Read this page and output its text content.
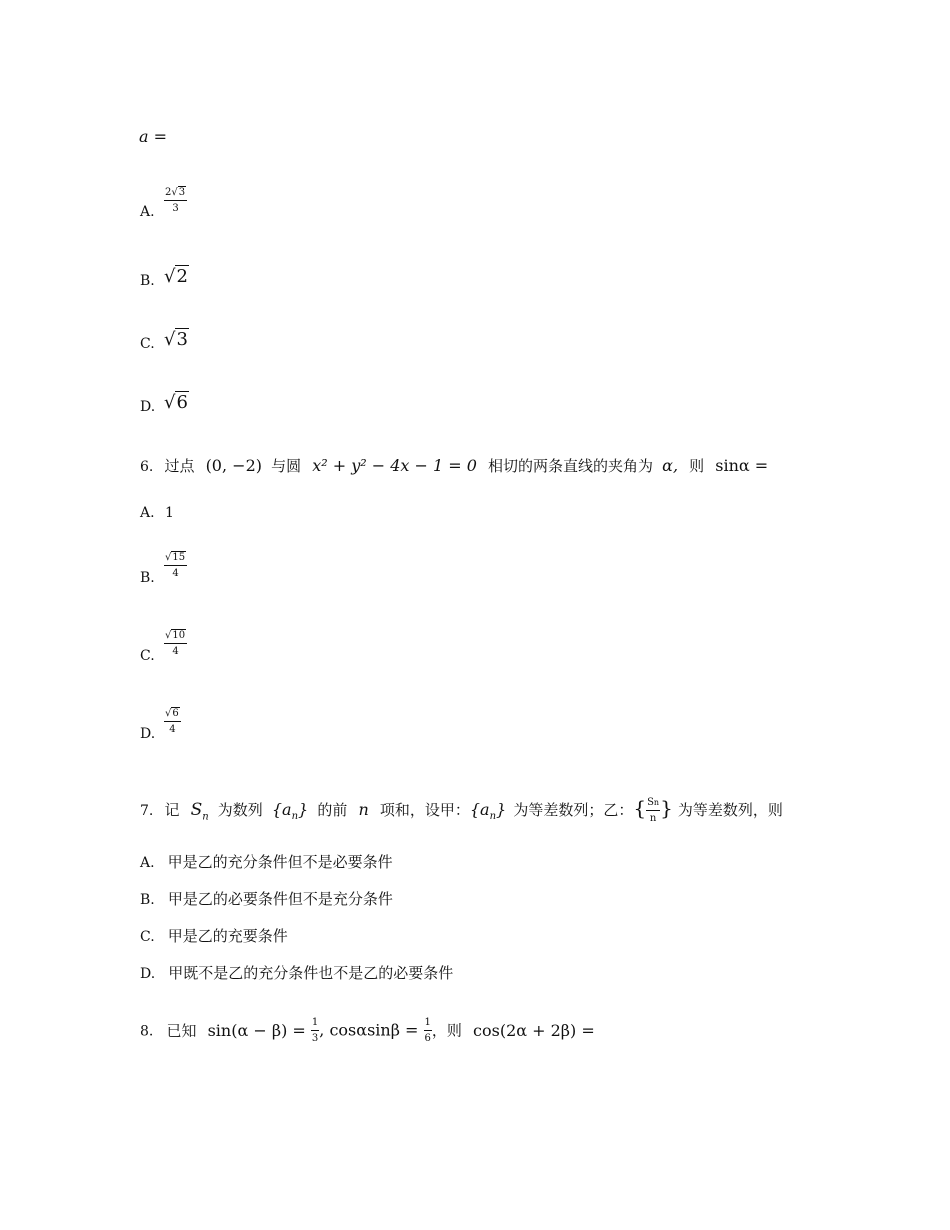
a =
A. $\frac{2√3}{3}$
B. √2
C. √3
D. √6
6. 过点 (0, −2) 与圆 x² + y² − 4x − 1 = 0 相切的两条直线的夹角为 α, 则 sinα =
A. 1
B. $\frac{√15}{4}$
C. $\frac{√10}{4}$
D. $\frac{√6}{4}$
7. 记 $S_n$ 为数列 $\{a_n\}$ 的前 n 项和，设甲：$\{a_n\}$ 为等差数列；乙：{ $\frac{Sn}{n}$ } 为等差数列，则
A. 甲是乙的充分条件但不是必要条件
B. 甲是乙的必要条件但不是充分条件
C. 甲是乙的充要条件
D. 甲既不是乙的充分条件也不是乙的必要条件
8. 已知 $\sin(\alpha - \beta) = \frac{1}{3}$ , $\cos\alpha\sin\beta = \frac{1}{6}$ ，则 cos(2α + 2β) =
